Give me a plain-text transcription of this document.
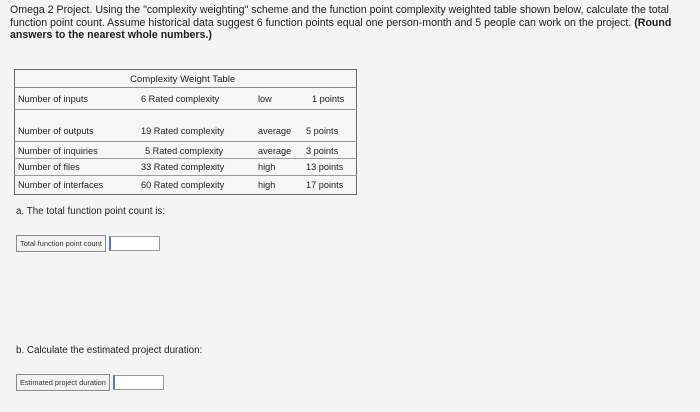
Omega 2 Project. Using the "complexity weighting" scheme and the function point complexity weighted table shown below, calculate the total function point count. Assume historical data suggest 6 function points equal one person-month and 5 people can work on the project. (Round answers to the nearest whole numbers.)
Complexity Weight Table
Number of inputs	6 Rated complexity	low	1 points
Number of outputs	19 Rated complexity	average 5 points
Number of inquiries	5 Rated complexity	average 3 points
Number of files	33 Rated complexity	high	13 points
Number of interfaces	60 Rated complexity	high	17 points
a. The total function point count is:
Total function point count
b. Calculate the estimated project duration:
Estimated project duration
